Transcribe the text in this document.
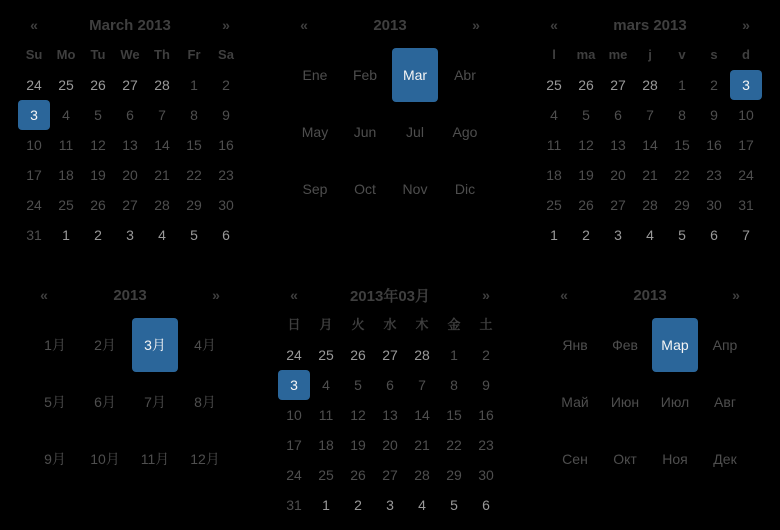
«	March 2013	»
Su	Mo	Tu	We	Th	Fr	Sa
24	25	26	27	28	1	2
3	4	5	6	7	8	9
10	11	12	13	14	15	16
17	18	19	20	21	22	23
24	25	26	27	28	29	30
31	1	2	3	4	5	6
«	2013	»
Ene	Feb	Mar	Abr
May	Jun	Jul	Ago
Sep	Oct	Nov	Dic
«	mars 2013	»
l	ma	me	j	v	s	d
25	26	27	28	1	2	3
4	5	6	7	8	9	10
11	12	13	14	15	16	17
18	19	20	21	22	23	24
25	26	27	28	29	30	31
1	2	3	4	5	6	7
«	2013	»
1月	2月	3月	4月
5月	6月	7月	8月
9月	10月	11月	12月
«	2013年03月	»
日	月	火	水	木	金	土
24	25	26	27	28	1	2
3	4	5	6	7	8	9
10	11	12	13	14	15	16
17	18	19	20	21	22	23
24	25	26	27	28	29	30
31	1	2	3	4	5	6
«	2013	»
Янв	Фев	Мар	Апр
Май	Июн	Июл	Авг
Сен	Окт	Ноя	Дек
